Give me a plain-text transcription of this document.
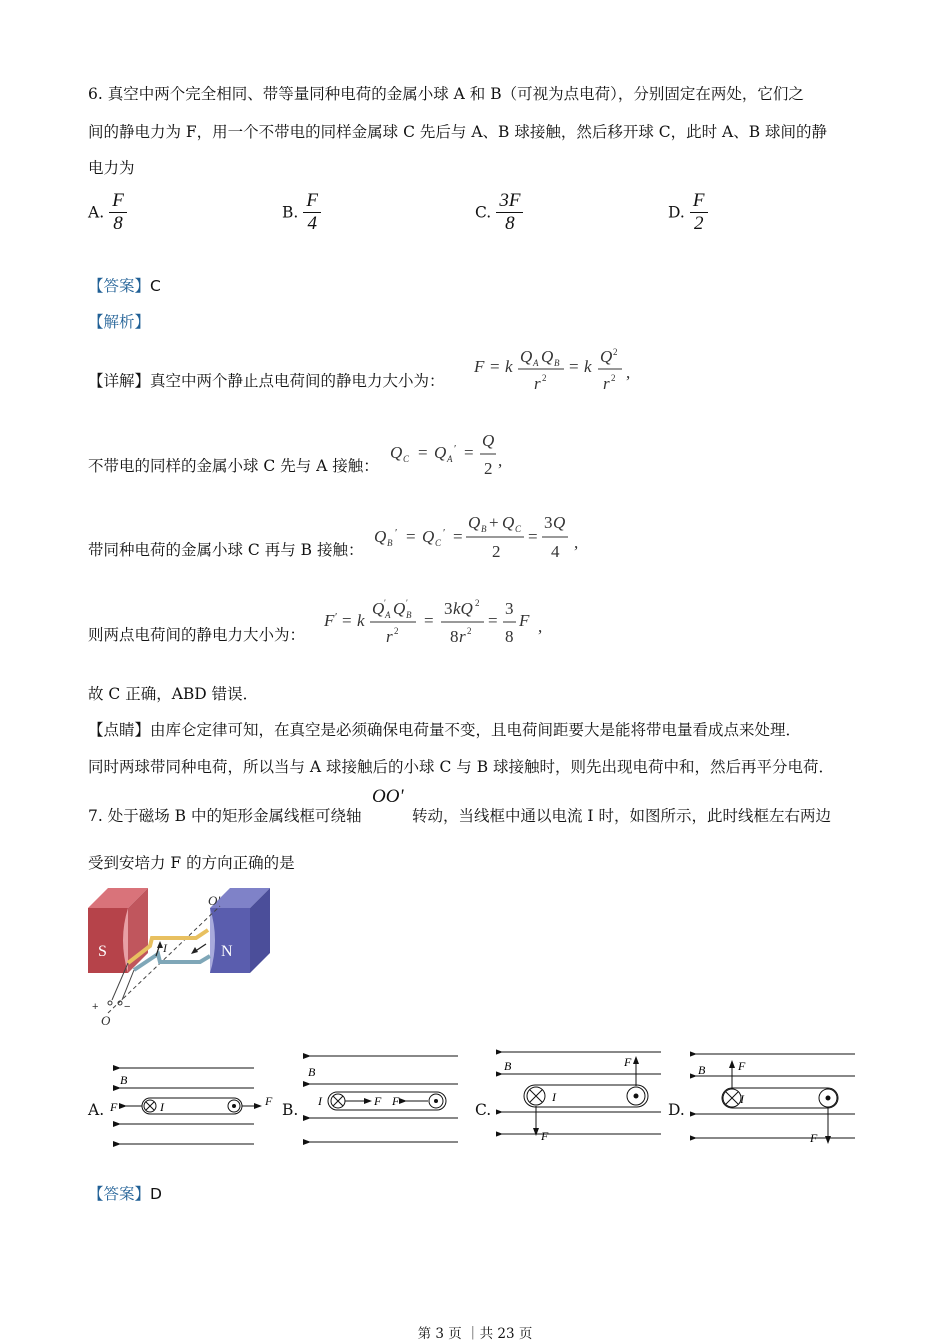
6. 真空中两个完全相同、带等量同种电荷的金属小球 A 和 B（可视为点电荷），分别固定在两处，它们之
间的静电力为 F，用一个不带电的同样金属球 C 先后与 A、B 球接触，然后移开球 C，此时 A、B 球间的静
电力为
A. $\frac{F}{8}$	B. $\frac{F}{4}$	C. $\frac{3F}{8}$	D. $\frac{F}{2}$
【答案】C
【解析】
【详解】真空中两个静止点电荷间的静电力大小为：
F = k
Q A Q B
r 2
= k
Q 2
r 2 ,
不带电的同样的金属小球 C 先与 A 接触：
Q C = Q A
′ =
Q
2 ,
带同种电荷的金属小球 C 再与 B 接触：
Q B
′ = Q C
′ =
Q B + Q C
2
=
3 Q
4 ,
则两点电荷间的静电力大小为：
F ′ = k
Q A
′ Q B
′
r 2
=
3 kQ 2
8 r 2
=
3
8
F ,
故 C 正确，ABD 错误．
【点睛】由库仑定律可知，在真空是必须确保电荷量不变，且电荷间距要大是能将带电量看成点来处理．
同时两球带同种电荷，所以当与 A 球接触后的小球 C 与 B 球接触时，则先出现电荷中和，然后再平分电荷．
7. 处于磁场 B 中的矩形金属线框可绕轴
OO'
转动，当线框中通以电流 I 时，如图所示，此时线框左右两边
受到安培力 F 的方向正确的是
S	N
O'
O
I
+ −
A.
B
I
F	F B.
B
I	F F	C.
B
I
F
F
D.
B
I
F
F
【答案】D
第 3 页 ｜共 23 页
